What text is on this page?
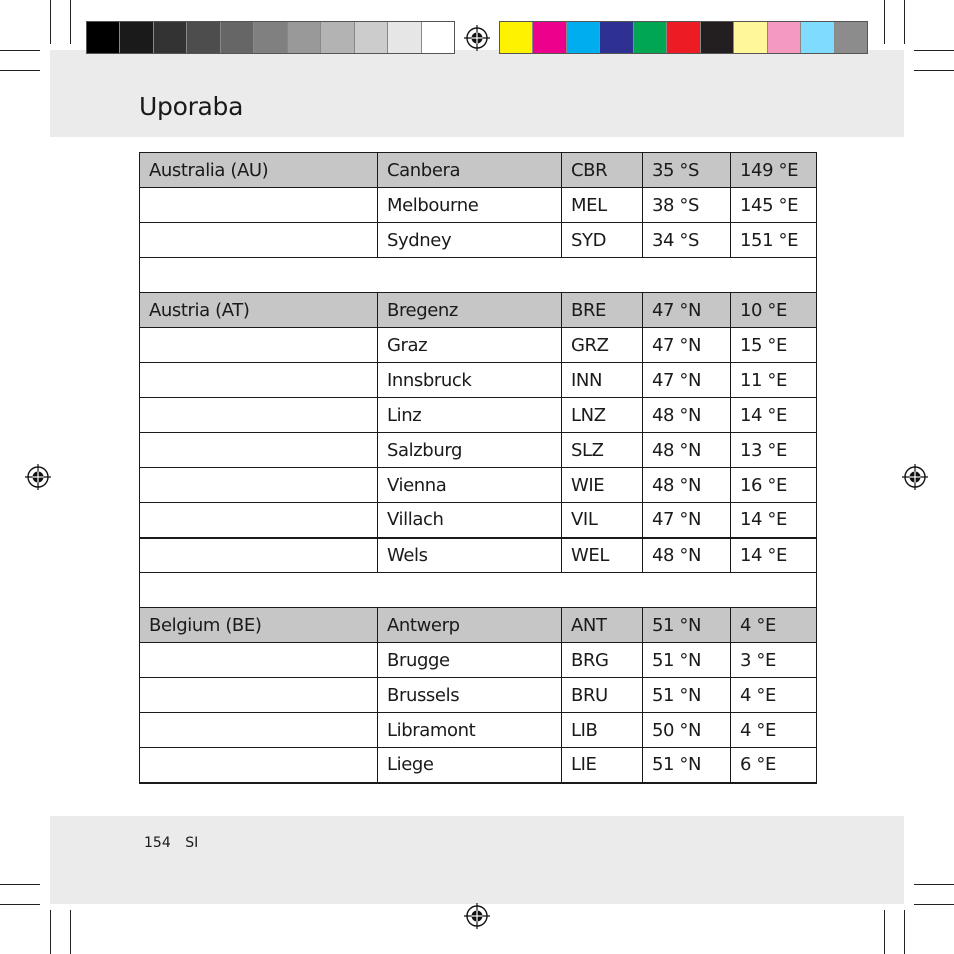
Uporaba
Australia (AU)	Canbera	CBR	35 °S	149 °E
	Melbourne	MEL	38 °S	145 °E
	Sydney	SYD	34 °S	151 °E

Austria (AT)	Bregenz	BRE	47 °N	10 °E
	Graz	GRZ	47 °N	15 °E
	Innsbruck	INN	47 °N	11 °E
	Linz	LNZ	48 °N	14 °E
	Salzburg	SLZ	48 °N	13 °E
	Vienna	WIE	48 °N	16 °E
	Villach	VIL	47 °N	14 °E
	Wels	WEL	48 °N	14 °E

Belgium (BE)	Antwerp	ANT	51 °N	4 °E
	Brugge	BRG	51 °N	3 °E
	Brussels	BRU	51 °N	4 °E
	Libramont	LIB	50 °N	4 °E
	Liege	LIE	51 °N	6 °E
154 SI
